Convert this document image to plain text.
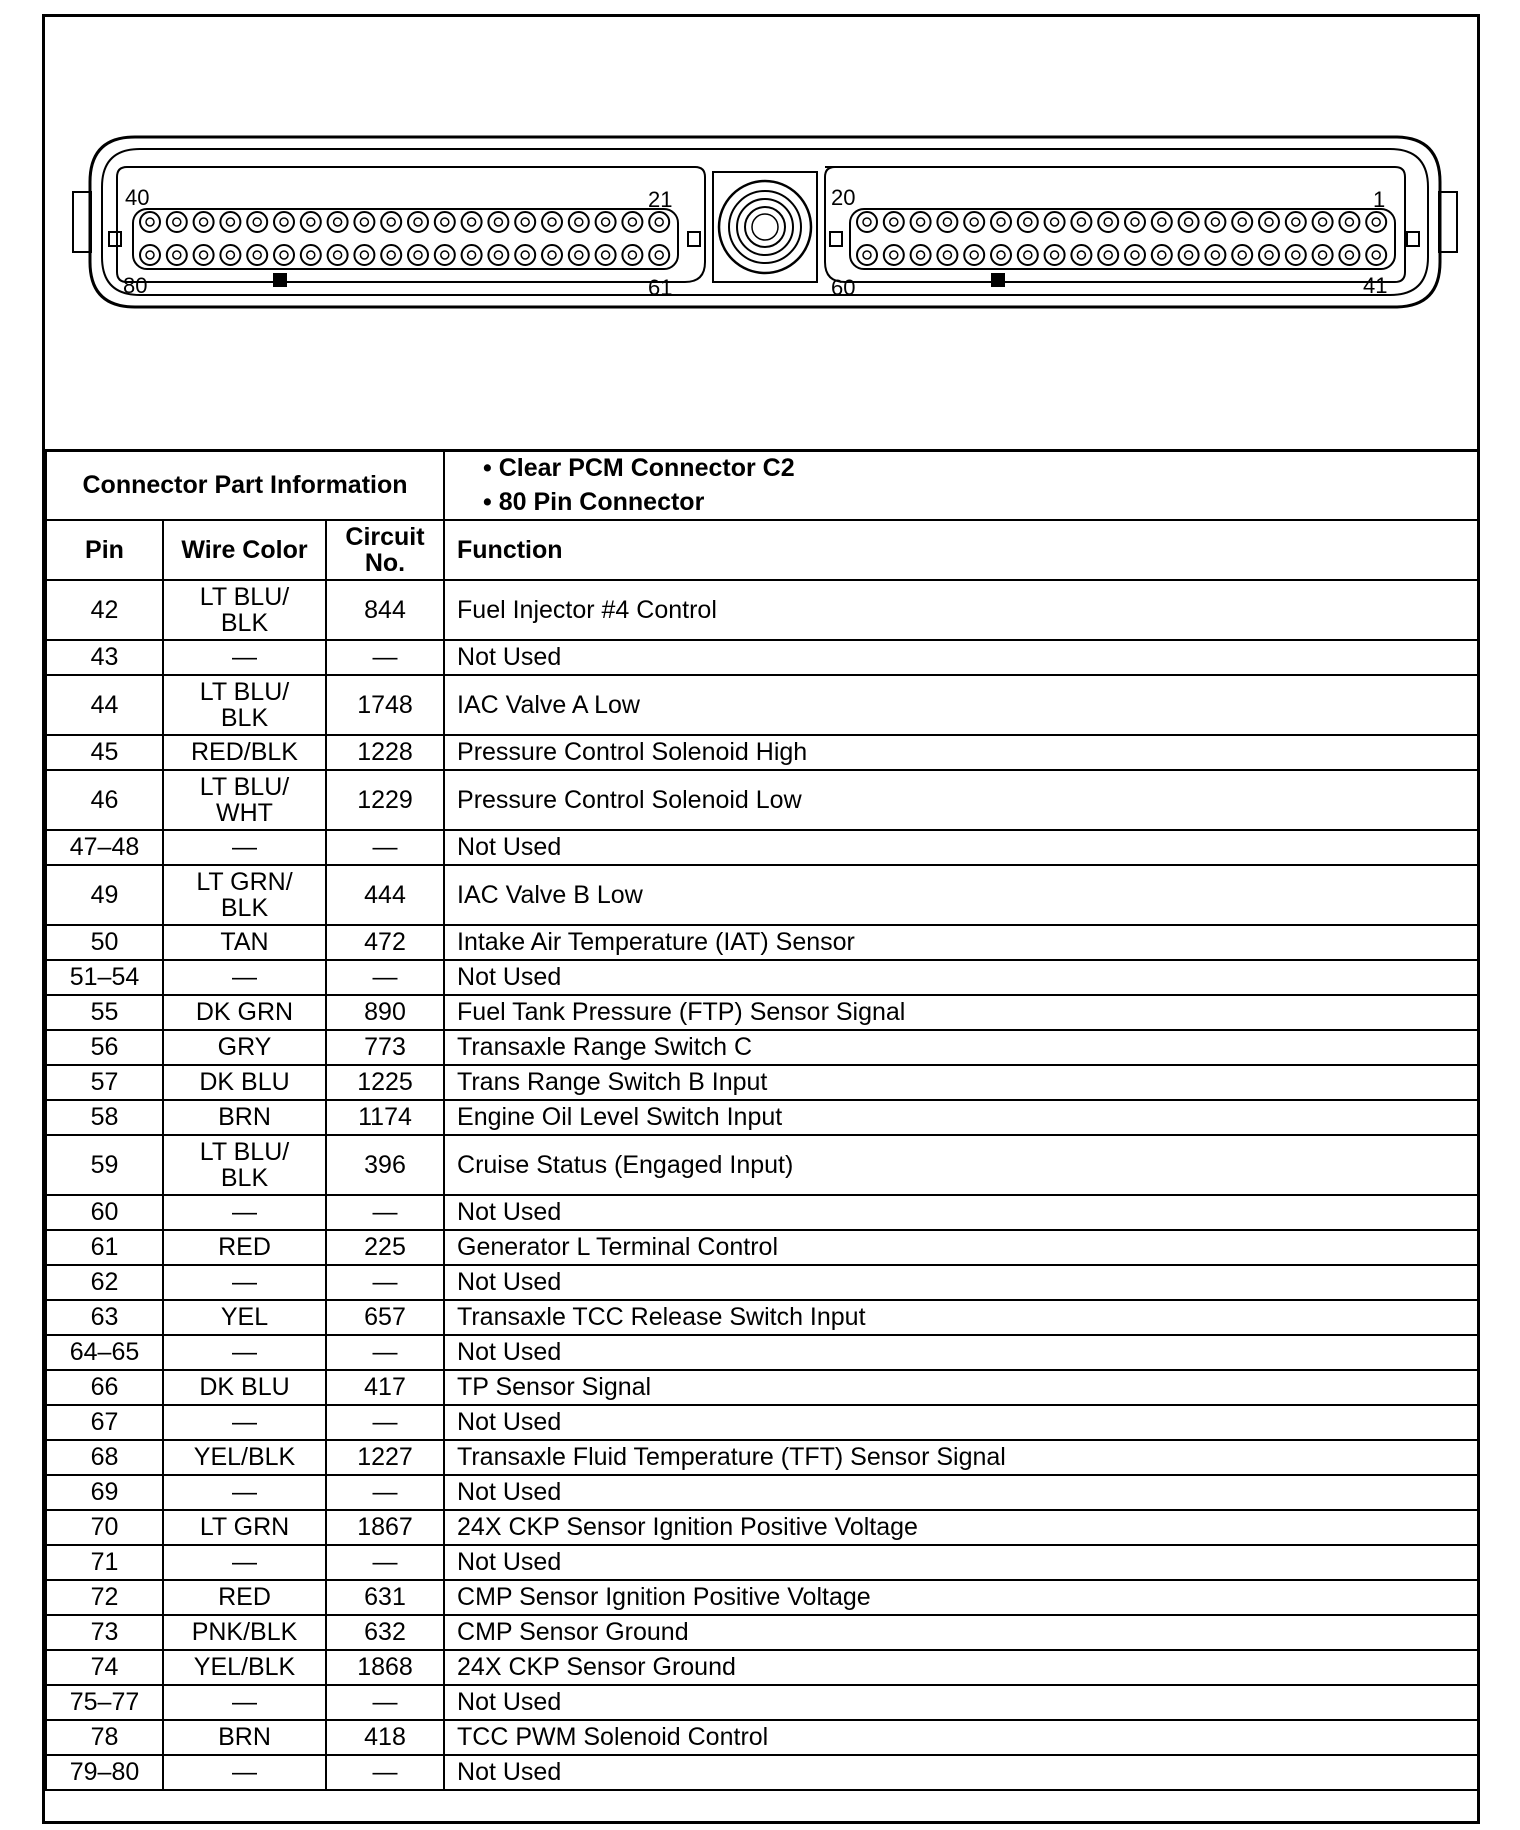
40	21
80	61
20	1
60	41
Connector Part Information			• Clear PCM Connector C2
• 80 Pin Connector

Pin	Wire Color	Circuit
No.	Function
42	LT BLU/
BLK	844	Fuel Injector #4 Control
43	—	—	Not Used
44	LT BLU/
BLK	1748	IAC Valve A Low
45	RED/BLK	1228	Pressure Control Solenoid High
46	LT BLU/
WHT	1229	Pressure Control Solenoid Low
47–48	—	—	Not Used
49	LT GRN/
BLK	444	IAC Valve B Low
50	TAN	472	Intake Air Temperature (IAT) Sensor
51–54	—	—	Not Used
55	DK GRN	890	Fuel Tank Pressure (FTP) Sensor Signal
56	GRY	773	Transaxle Range Switch C
57	DK BLU	1225	Trans Range Switch B Input
58	BRN	1174	Engine Oil Level Switch Input
59	LT BLU/
BLK	396	Cruise Status (Engaged Input)
60	—	—	Not Used
61	RED	225	Generator L Terminal Control
62	—	—	Not Used
63	YEL	657	Transaxle TCC Release Switch Input
64–65	—	—	Not Used
66	DK BLU	417	TP Sensor Signal
67	—	—	Not Used
68	YEL/BLK	1227	Transaxle Fluid Temperature (TFT) Sensor Signal
69	—	—	Not Used
70	LT GRN	1867	24X CKP Sensor Ignition Positive Voltage
71	—	—	Not Used
72	RED	631	CMP Sensor Ignition Positive Voltage
73	PNK/BLK	632	CMP Sensor Ground
74	YEL/BLK	1868	24X CKP Sensor Ground
75–77	—	—	Not Used
78	BRN	418	TCC PWM Solenoid Control
79–80	—	—	Not Used
